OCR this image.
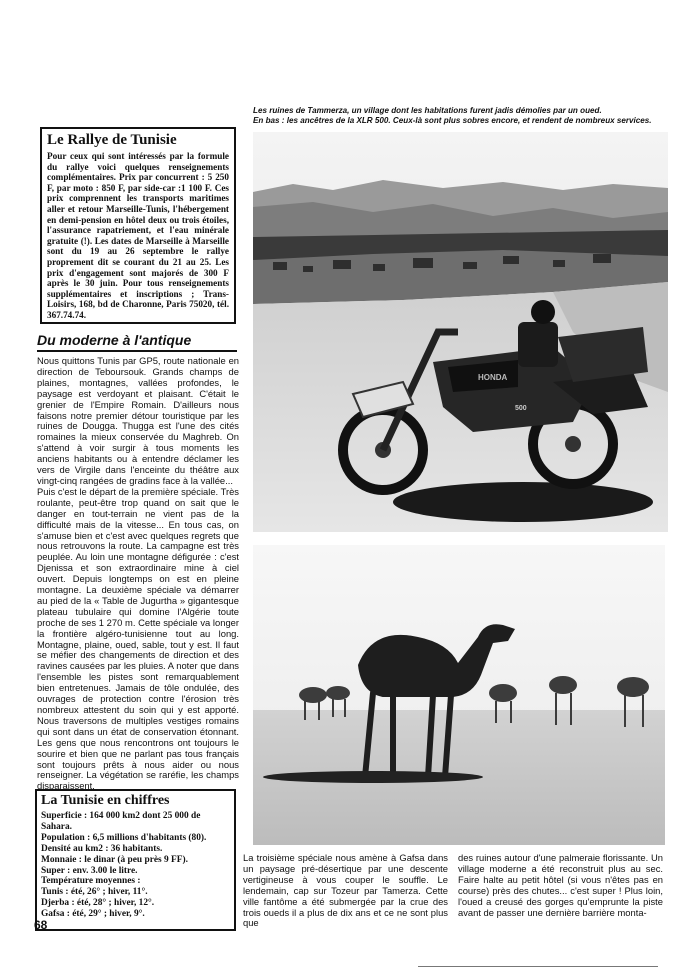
Les ruines de Tammerza, un village dont les habitations furent jadis démolies par un oued.

En bas : les ancêtres de la XLR 500. Ceux-là sont plus sobres encore, et rendent de nombreux services.

Le Rallye de Tunisie

Pour ceux qui sont intéressés par la formule du rallye voici quelques renseignements complémentaires. Prix par concurrent : 5 250 F, par moto : 850 F, par side-car :1 100 F. Ces prix comprennent les transports maritimes aller et retour Marseille-Tunis, l'hébergement en demi-pension en hôtel deux ou trois étoiles, l'assurance rapatriement, et l'eau minérale gratuite (!). Les dates de Marseille à Marseille sont du 19 au 26 septembre le rallye proprement dit se courant du 21 au 25. Les prix d'engagement sont majorés de 300 F après le 30 juin. Pour tous renseignements supplémentaires et inscriptions ; Trans-Loisirs, 168, bd de Charonne, Paris 75020, tél. 367.74.74.

Du moderne à l'antique

Nous quittons Tunis par GP5, route nationale en direction de Teboursouk. Grands champs de plaines, montagnes, vallées profondes, le paysage est verdoyant et plaisant. C'était le grenier de l'Empire Romain. D'ailleurs nous faisons notre premier détour touristique par les ruines de Dougga. Thugga est l'une des cités romaines la mieux conservée du Maghreb. On s'attend à voir surgir à tous moments les anciens habitants ou à entendre déclamer les vers de Virgile dans l'enceinte du théâtre aux vingt-cinq rangées de gradins face à la vallée...

Puis c'est le départ de la première spéciale. Très roulante, peut-être trop quand on sait que le danger en tout-terrain ne vient pas de la difficulté mais de la vitesse... En tous cas, on s'amuse bien et c'est avec quelques regrets que nous retrouvons la route. La campagne est très peuplée. Au loin une montagne défigurée : c'est Djenissa et son extraordinaire mine à ciel ouvert. Depuis longtemps on est en pleine montagne. La deuxième spéciale va démarrer au pied de la « Table de Jugurtha » gigantesque plateau tubulaire qui domine l'Algérie toute proche de ses 1 270 m. Cette spéciale va longer la frontière algéro-tunisienne tout au long. Montagne, plaine, oued, sable, tout y est. Il faut se méfier des changements de direction et des ravines causées par les pluies. A noter que dans l'ensemble les pistes sont remarquablement bien entretenues. Jamais de tôle ondulée, des ouvrages de protection contre l'érosion très nombreux attestent du soin qui y est apporté. Nous traversons de multiples vestiges romains qui sont dans un état de conservation étonnant. Les gens que nous rencontrons ont toujours le sourire et bien que ne parlant pas tous français sont toujours prêts à nous aider ou nous renseigner. La végétation se raréfie, les champs disparaissent.

La Tunisie en chiffres

Superficie : 164 000 km2 dont 25 000 de Sahara.

Population : 6,5 millions d'habitants (80).

Densité au km2 : 36 habitants.

Monnaie : le dinar (à peu près 9 FF).

Super : env. 3.00 le litre.

Température moyennes :

Tunis : été, 26° ; hiver, 11°.

Djerba : été, 28° ; hiver, 12°.

Gafsa : été, 29° ; hiver, 9°.

68
HONDA
500

La troisième spéciale nous amène à Gafsa dans un paysage pré-désertique par une descente vertigineuse à vous couper le souffle. Le lendemain, cap sur Tozeur par Tamerza. Cette ville fantôme a été submergée par la crue des trois oueds il a plus de dix ans et ce ne sont plus que

des ruines autour d'une palmeraie florissante. Un village moderne a été reconstruit plus au sec. Faire halte au petit hôtel (si vous n'êtes pas en course) près des chutes... c'est super ! Plus loin, l'oued a creusé des gorges qu'emprunte la piste avant de passer une dernière barrière monta-
